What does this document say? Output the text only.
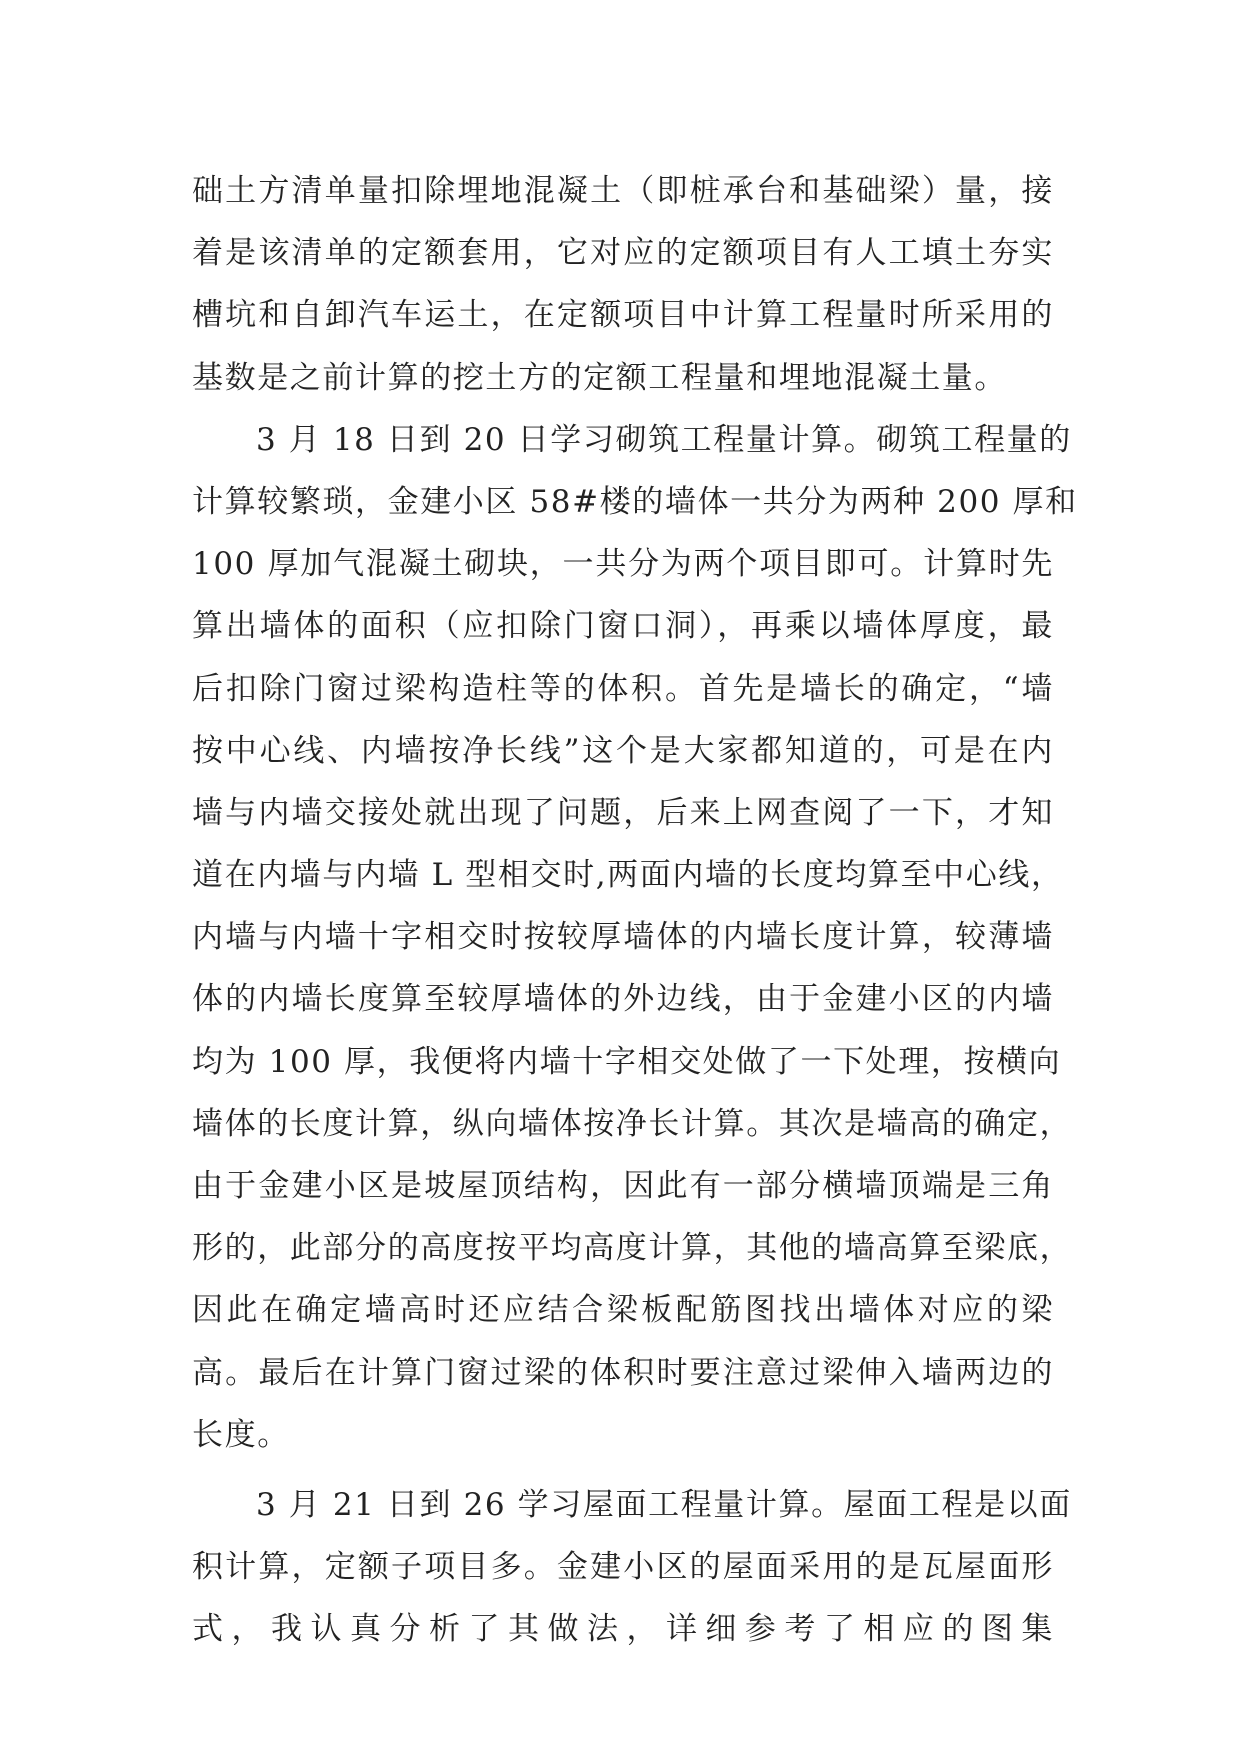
础土方清单量扣除埋地混凝土（即桩承台和基础梁）量，接
着是该清单的定额套用，它对应的定额项目有人工填土夯实
槽坑和自卸汽车运土，在定额项目中计算工程量时所采用的
基数是之前计算的挖土方的定额工程量和埋地混凝土量。
3 月 18 日到 20 日学习砌筑工程量计算。砌筑工程量的
计算较繁琐，金建小区 58#楼的墙体一共分为两种 200 厚和
100 厚加气混凝土砌块，一共分为两个项目即可。计算时先
算出墙体的面积（应扣除门窗口洞），再乘以墙体厚度，最
后扣除门窗过梁构造柱等的体积。首先是墙长的确定，“墙
按中心线、内墙按净长线”这个是大家都知道的，可是在内
墙与内墙交接处就出现了问题，后来上网查阅了一下，才知
道在内墙与内墙 L 型相交时,两面内墙的长度均算至中心线，
内墙与内墙十字相交时按较厚墙体的内墙长度计算，较薄墙
体的内墙长度算至较厚墙体的外边线，由于金建小区的内墙
均为 100 厚，我便将内墙十字相交处做了一下处理，按横向
墙体的长度计算，纵向墙体按净长计算。其次是墙高的确定，
由于金建小区是坡屋顶结构，因此有一部分横墙顶端是三角
形的，此部分的高度按平均高度计算，其他的墙高算至梁底，
因此在确定墙高时还应结合梁板配筋图找出墙体对应的梁
高。最后在计算门窗过梁的体积时要注意过梁伸入墙两边的
长度。
3 月 21 日到 26 学习屋面工程量计算。屋面工程是以面
积计算，定额子项目多。金建小区的屋面采用的是瓦屋面形
式，我认真分析了其做法，详细参考了相应的图集
